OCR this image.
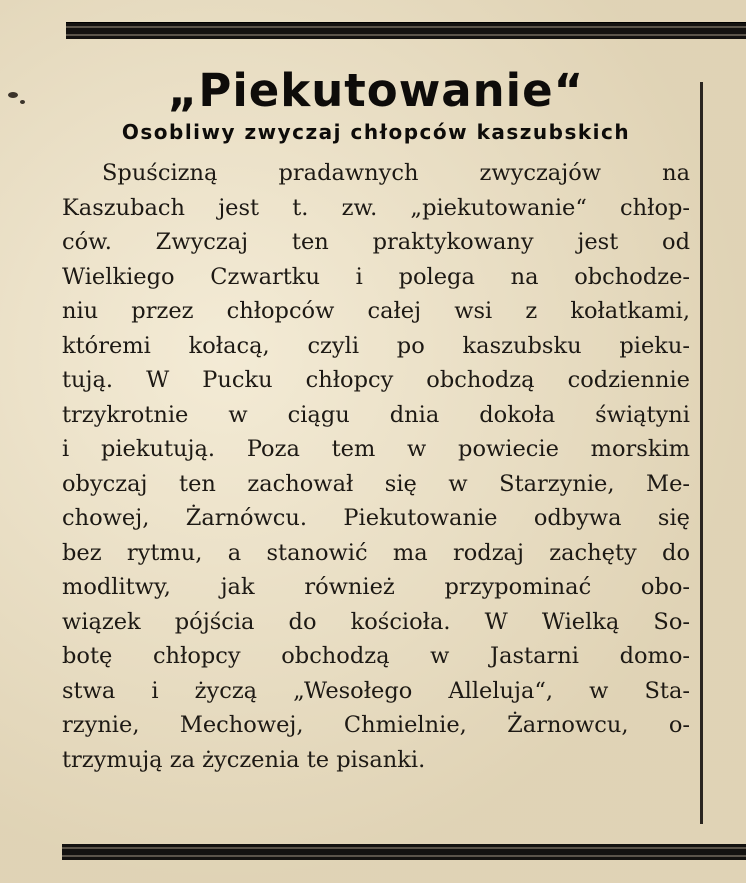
„Piekutowanie“
Osobliwy zwyczaj chłopców kaszubskich
Spuścizną pradawnych zwyczajów na
Kaszubach jest t. zw. „piekutowanie“ chłop-
ców. Zwyczaj ten praktykowany jest od
Wielkiego Czwartku i polega na obchodze-
niu przez chłopców całej wsi z kołatkami,
któremi kołacą, czyli po kaszubsku pieku-
tują. W Pucku chłopcy obchodzą codziennie
trzykrotnie w ciągu dnia dokoła świątyni
i piekutują. Poza tem w powiecie morskim
obyczaj ten zachował się w Starzynie, Me-
chowej, Żarnówcu. Piekutowanie odbywa się
bez rytmu, a stanowić ma rodzaj zachęty do
modlitwy, jak również przypominać obo-
wiązek pójścia do kościoła. W Wielką So-
botę chłopcy obchodzą w Jastarni domo-
stwa i życzą „Wesołego Alleluja“, w Sta-
rzynie, Mechowej, Chmielnie, Żarnowcu, o-
trzymują za życzenia te pisanki.
